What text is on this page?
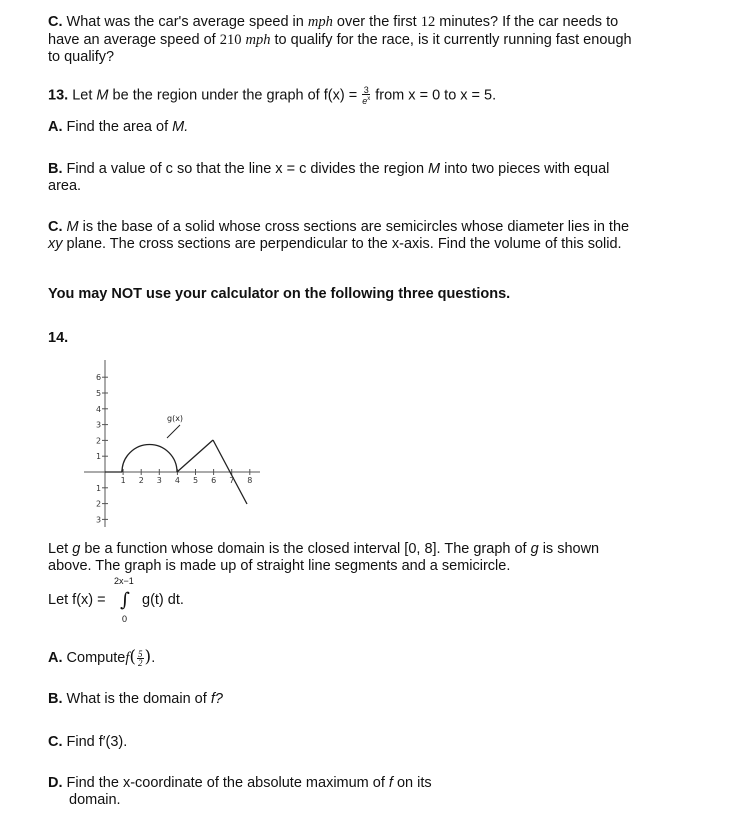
C. What was the car's average speed in mph over the first 12 minutes? If the car needs to
have an average speed of 210 mph to qualify for the race, is it currently running fast enough
to qualify?
13. Let M be the region under the graph of $f(x) = \frac{3}{e^x}$ from x = 0 to x = 5.
A. Find the area of M.
B. Find a value of c so that the line x = c divides the region M into two pieces with equal
area.
C. M is the base of a solid whose cross sections are semicircles whose diameter lies in the
xy plane. The cross sections are perpendicular to the x-axis. Find the volume of this solid.
You may NOT use your calculator on the following three questions.
14.
6
5
4
3
2
1
1
2
3
1 2 3 4 5 6 7 8
g(x)
Let g be a function whose domain is the closed interval [0, 8]. The graph of g is shown
above. The graph is made up of straight line segments and a semicircle.
2x−1
Let f(x) = ∫ g(t) dt.
0
A. Computef( $\frac{5}{2}$ ).
B. What is the domain of f?
C. Find f′(3).
D. Find the x-coordinate of the absolute maximum of f on its
domain.
